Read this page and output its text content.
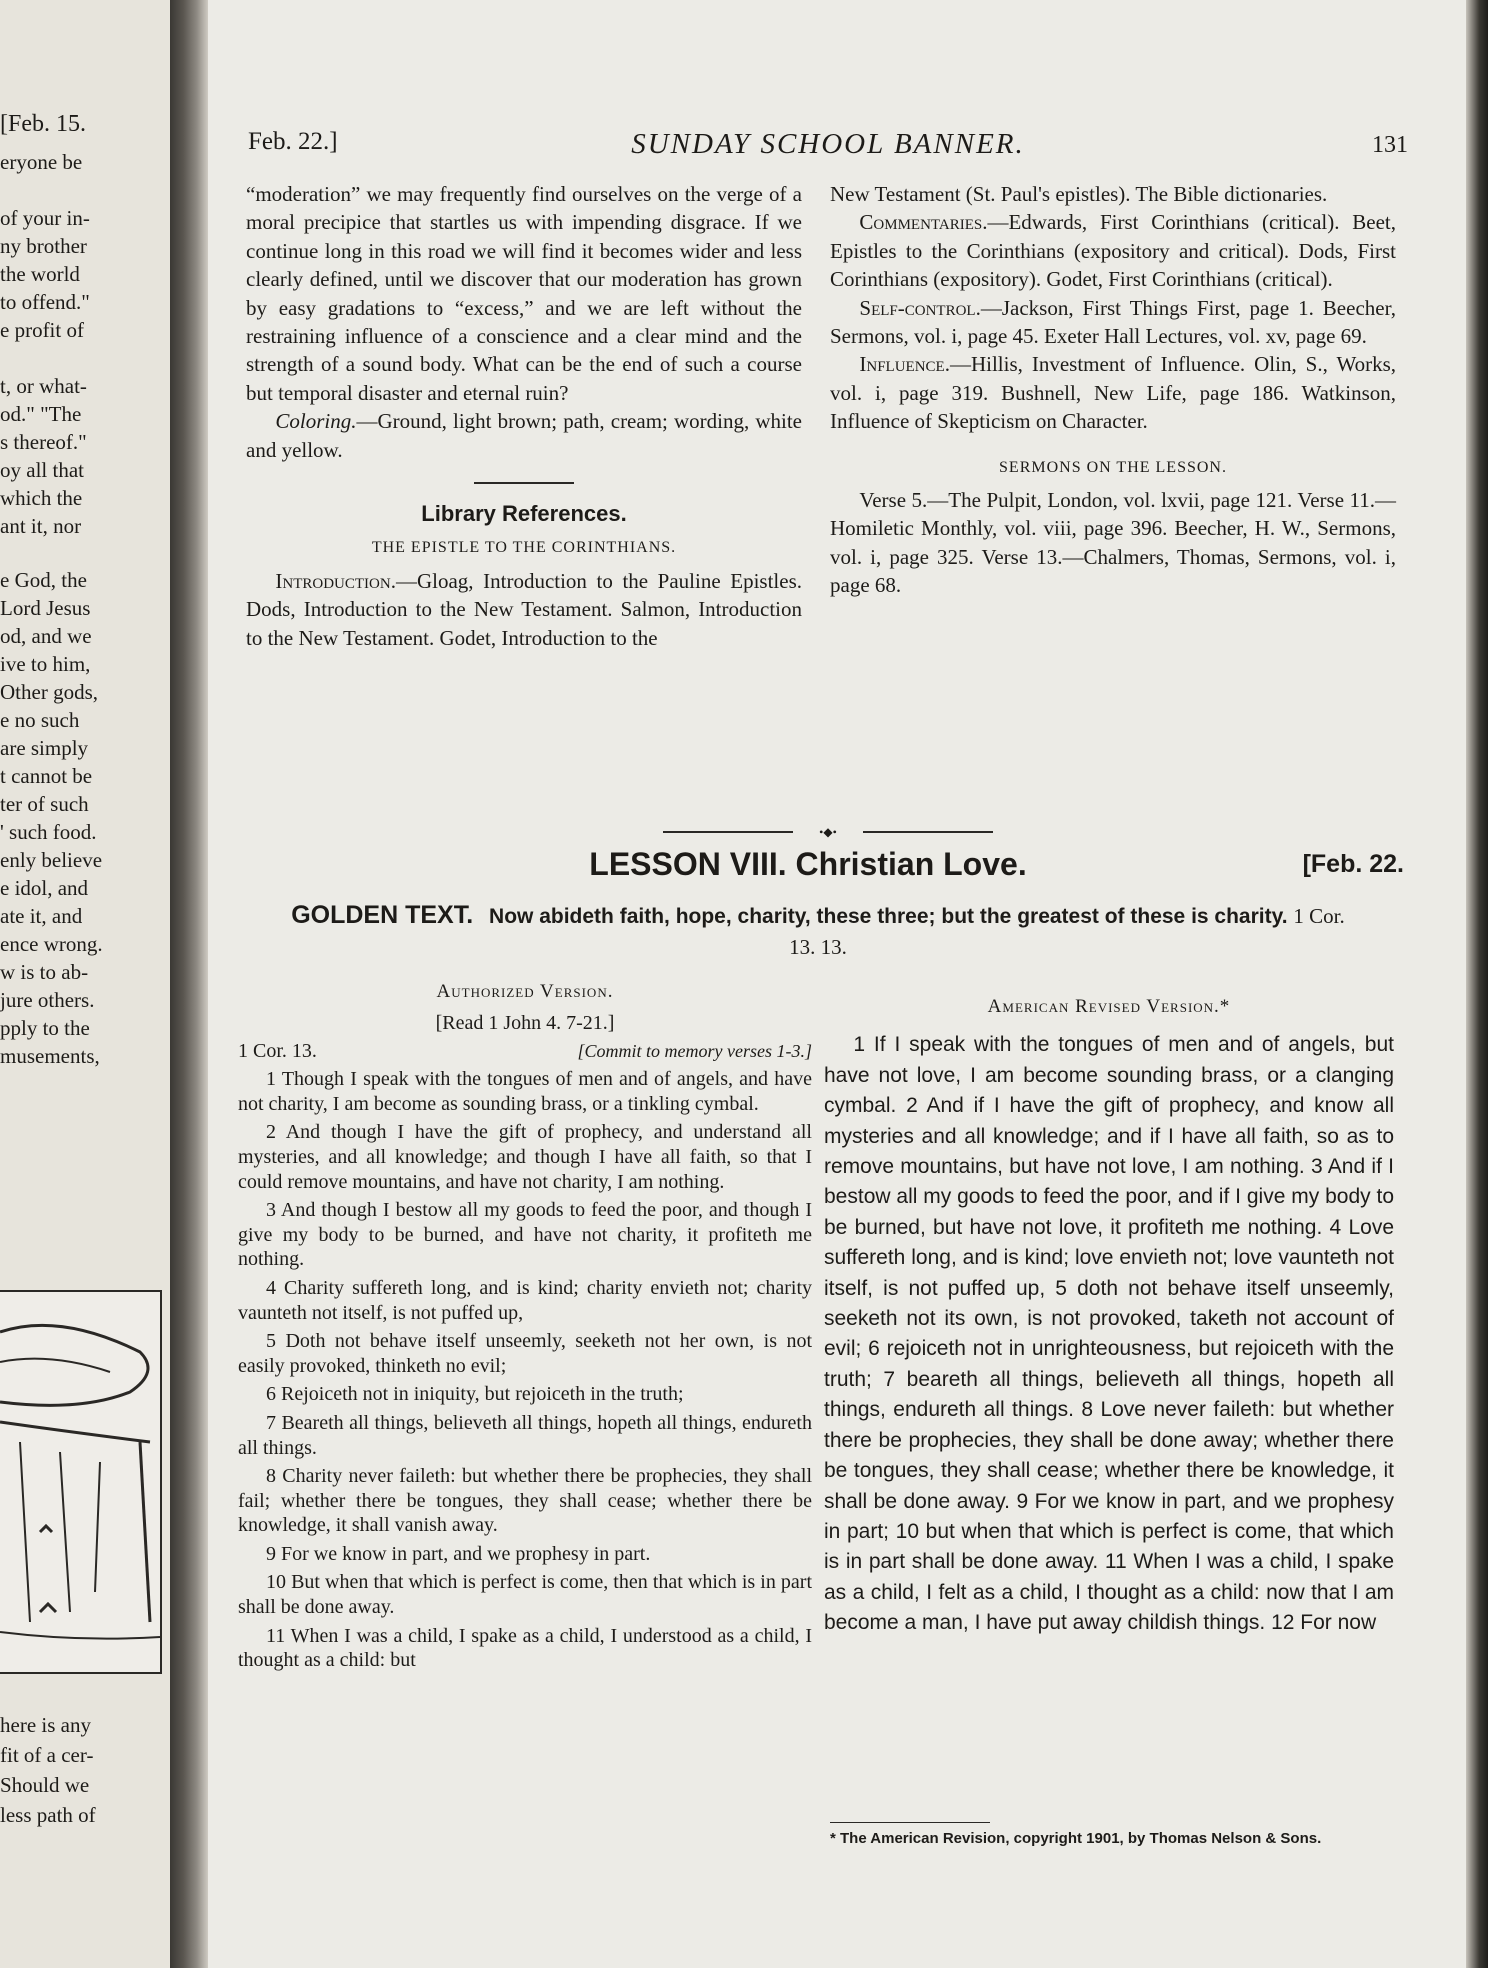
[Feb. 15.
eryone be

of your in-
ny brother
the world
to offend."
e profit of

t, or what-
od." "The
s thereof."
oy all that
which the
ant it, nor
e God, the
Lord Jesus
od, and we
ive to him,
Other gods,
e no such
are simply
t cannot be
ter of such
' such food.
enly believe
e idol, and
ate it, and
ence wrong.
w is to ab-
jure others.
pply to the
musements,
here is any
fit of a cer-
Should we
less path of
Feb. 22.]	SUNDAY SCHOOL BANNER.	131

“moderation” we may frequently find ourselves on the verge of a moral precipice that startles us with impending disgrace. If we continue long in this road we will find it becomes wider and less clearly defined, until we discover that our moderation has grown by easy gradations to “excess,” and we are left without the restraining influence of a conscience and a clear mind and the strength of a sound body. What can be the end of such a course but temporal disaster and eternal ruin?

Coloring.—Ground, light brown; path, cream; wording, white and yellow.

Library References.
THE EPISTLE TO THE CORINTHIANS.

Introduction.—Gloag, Introduction to the Pauline Epistles. Dods, Introduction to the New Testament. Salmon, Introduction to the New Testament. Godet, Introduction to the

New Testament (St. Paul's epistles). The Bible dictionaries.

Commentaries.—Edwards, First Corinthians (critical). Beet, Epistles to the Corinthians (expository and critical). Dods, First Corinthians (expository). Godet, First Corinthians (critical).

Self-control.—Jackson, First Things First, page 1. Beecher, Sermons, vol. i, page 45. Exeter Hall Lectures, vol. xv, page 69.

Influence.—Hillis, Investment of Influence. Olin, S., Works, vol. i, page 319. Bushnell, New Life, page 186. Watkinson, Influence of Skepticism on Character.

SERMONS ON THE LESSON.

Verse 5.—The Pulpit, London, vol. lxvii, page 121. Verse 11.—Homiletic Monthly, vol. viii, page 396. Beecher, H. W., Sermons, vol. i, page 325. Verse 13.—Chalmers, Thomas, Sermons, vol. i, page 68.

•◆•
LESSON VIII. Christian Love.	[Feb. 22.
GOLDEN TEXT. Now abideth faith, hope, charity, these three; but the greatest of these is charity. 1 Cor. 13. 13.
Authorized Version.
[Read 1 John 4. 7-21.]
1 Cor. 13.	[Commit to memory verses 1-3.]

1 Though I speak with the tongues of men and of angels, and have not charity, I am become as sounding brass, or a tinkling cymbal.

2 And though I have the gift of prophecy, and understand all mysteries, and all knowledge; and though I have all faith, so that I could remove mountains, and have not charity, I am nothing.

3 And though I bestow all my goods to feed the poor, and though I give my body to be burned, and have not charity, it profiteth me nothing.

4 Charity suffereth long, and is kind; charity envieth not; charity vaunteth not itself, is not puffed up,

5 Doth not behave itself unseemly, seeketh not her own, is not easily provoked, thinketh no evil;

6 Rejoiceth not in iniquity, but rejoiceth in the truth;

7 Beareth all things, believeth all things, hopeth all things, endureth all things.

8 Charity never faileth: but whether there be prophecies, they shall fail; whether there be tongues, they shall cease; whether there be knowledge, it shall vanish away.

9 For we know in part, and we prophesy in part.

10 But when that which is perfect is come, then that which is in part shall be done away.

11 When I was a child, I spake as a child, I understood as a child, I thought as a child: but

American Revised Version.*

1 If I speak with the tongues of men and of angels, but have not love, I am become sounding brass, or a clanging cymbal. 2 And if I have the gift of prophecy, and know all mysteries and all knowledge; and if I have all faith, so as to remove mountains, but have not love, I am nothing. 3 And if I bestow all my goods to feed the poor, and if I give my body to be burned, but have not love, it profiteth me nothing. 4 Love suffereth long, and is kind; love envieth not; love vaunteth not itself, is not puffed up, 5 doth not behave itself unseemly, seeketh not its own, is not provoked, taketh not account of evil; 6 rejoiceth not in unrighteousness, but rejoiceth with the truth; 7 beareth all things, believeth all things, hopeth all things, endureth all things. 8 Love never faileth: but whether there be prophecies, they shall be done away; whether there be tongues, they shall cease; whether there be knowledge, it shall be done away. 9 For we know in part, and we prophesy in part; 10 but when that which is perfect is come, that which is in part shall be done away. 11 When I was a child, I spake as a child, I felt as a child, I thought as a child: now that I am become a man, I have put away childish things. 12 For now

* The American Revision, copyright 1901, by Thomas Nelson & Sons.
